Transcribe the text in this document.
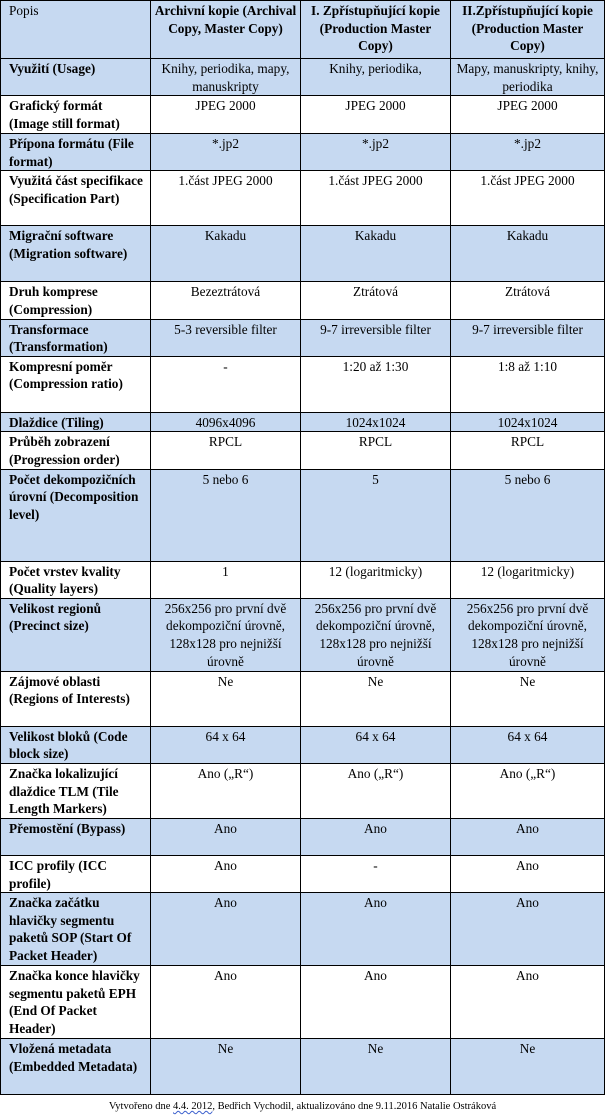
Popis	Archivní kopie (Archival Copy, Master Copy)	I. Zpřístupňující kopie (Production Master Copy)	II.Zpřístupňující kopie (Production Master Copy)
Využití (Usage)	Knihy, periodika, mapy, manuskripty	Knihy, periodika,	Mapy, manuskripty, knihy, periodika
Grafický formát (Image still format)	JPEG 2000	JPEG 2000	JPEG 2000
Přípona formátu (File format)	*.jp2	*.jp2	*.jp2
Využitá část specifikace (Specification Part)	1.část JPEG 2000	1.část JPEG 2000	1.část JPEG 2000
Migrační software (Migration software)	Kakadu	Kakadu	Kakadu
Druh komprese (Compression)	Bezeztrátová	Ztrátová	Ztrátová
Transformace (Transformation)	5-3 reversible filter	9-7 irreversible filter	9-7 irreversible filter
Kompresní poměr (Compression ratio)	-	1:20 až 1:30	1:8 až 1:10
Dlaždice (Tiling)	4096x4096	1024x1024	1024x1024
Průběh zobrazení (Progression order)	RPCL	RPCL	RPCL
Počet dekompozičních úrovní (Decomposition level)	5 nebo 6	5	5 nebo 6
Počet vrstev kvality (Quality layers)	1	12 (logaritmicky)	12 (logaritmicky)
Velikost regionů (Precinct size)	256x256 pro první dvě dekompoziční úrovně, 128x128 pro nejnižší úrovně	256x256 pro první dvě dekompoziční úrovně, 128x128 pro nejnižší úrovně	256x256 pro první dvě dekompoziční úrovně, 128x128 pro nejnižší úrovně
Zájmové oblasti (Regions of Interests)	Ne	Ne	Ne
Velikost bloků (Code block size)	64 x 64	64 x 64	64 x 64
Značka lokalizující dlaždice TLM (Tile Length Markers)	Ano („R“)	Ano („R“)	Ano („R“)
Přemostění (Bypass)	Ano	Ano	Ano
ICC profily (ICC profile)	Ano	-	Ano
Značka začátku hlavičky segmentu paketů SOP (Start Of Packet Header)	Ano	Ano	Ano
Značka konce hlavičky segmentu paketů EPH (End Of Packet Header)	Ano	Ano	Ano
Vložená metadata (Embedded Metadata)	Ne	Ne	Ne
Vytvořeno dne 4.4. 2012, Bedřich Vychodil, aktualizováno dne 9.11.2016 Natalie Ostráková
